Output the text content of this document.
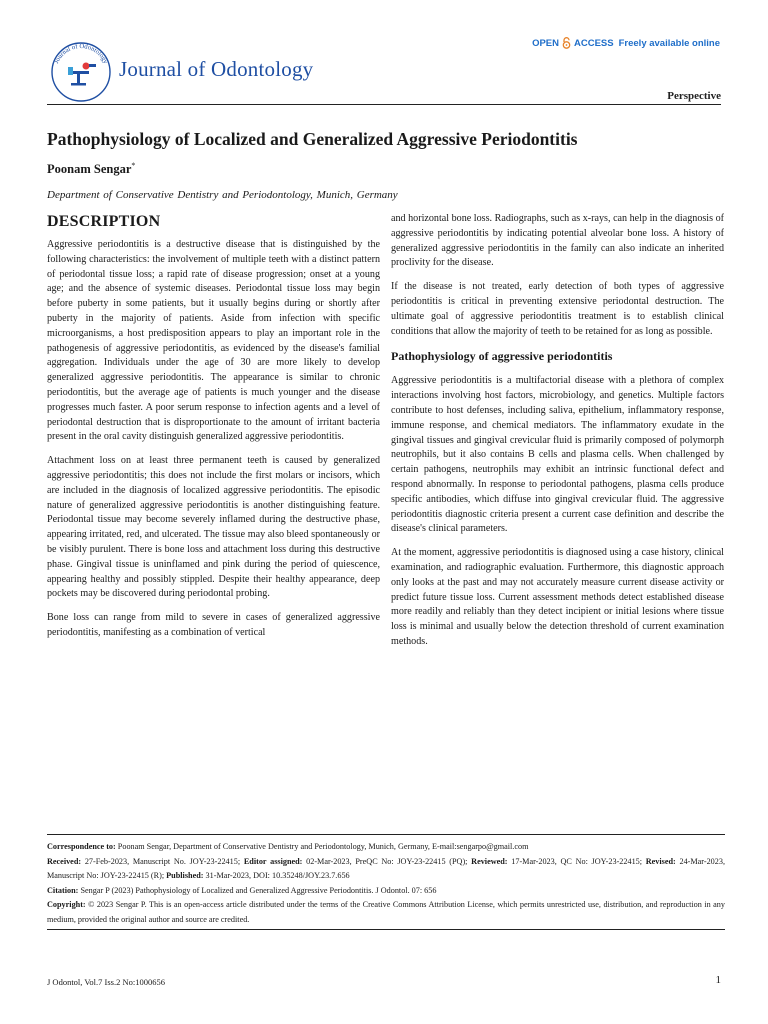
Journal of Odontology Journal of Odontology
OPEN ACCESS Freely available online
Perspective
Pathophysiology of Localized and Generalized Aggressive Periodontitis
Poonam Sengar*
Department of Conservative Dentistry and Periodontology, Munich, Germany
DESCRIPTION

Aggressive periodontitis is a destructive disease that is distinguished by the following characteristics: the involvement of multiple teeth with a distinct pattern of periodontal tissue loss; a rapid rate of disease progression; onset at a young age; and the absence of systemic diseases. Periodontal tissue loss may begin before puberty in some patients, but it usually begins during or shortly after puberty in the majority of patients. Aside from infection with specific microorganisms, a host predisposition appears to play an important role in the pathogenesis of aggressive periodontitis, as evidenced by the disease's familial aggregation. Individuals under the age of 30 are more likely to develop generalized aggressive periodontitis. The appearance is similar to chronic periodontitis, but the average age of patients is much younger and the disease progresses much faster. A poor serum response to infection agents and a level of periodontal destruction that is disproportionate to the amount of irritant bacteria present in the oral cavity distinguish generalized aggressive periodontitis.

Attachment loss on at least three permanent teeth is caused by generalized aggressive periodontitis; this does not include the first molars or incisors, which are included in the diagnosis of localized aggressive periodontitis. The episodic nature of generalized aggressive periodontitis is another distinguishing feature. Periodontal tissue may become severely inflamed during the destructive phase, appearing irritated, red, and ulcerated. The tissue may also bleed spontaneously or be visibly purulent. There is bone loss and attachment loss during this destructive phase. Gingival tissue is uninflamed and pink during the period of quiescence, appearing healthy and possibly stippled. Despite their healthy appearance, deep pockets may be discovered during periodontal probing.

Bone loss can range from mild to severe in cases of generalized aggressive periodontitis, manifesting as a combination of vertical

and horizontal bone loss. Radiographs, such as x-rays, can help in the diagnosis of aggressive periodontitis by indicating potential alveolar bone loss. A history of generalized aggressive periodontitis in the family can also indicate an inherited proclivity for the disease.

If the disease is not treated, early detection of both types of aggressive periodontitis is critical in preventing extensive periodontal destruction. The ultimate goal of aggressive periodontitis treatment is to establish clinical conditions that allow the majority of teeth to be retained for as long as possible.

Pathophysiology of aggressive periodontitis

Aggressive periodontitis is a multifactorial disease with a plethora of complex interactions involving host factors, microbiology, and genetics. Multiple factors contribute to host defenses, including saliva, epithelium, inflammatory response, immune response, and chemical mediators. The inflammatory exudate in the gingival tissues and gingival crevicular fluid is primarily composed of polymorph neutrophils, but it also contains B cells and plasma cells. When challenged by certain pathogens, neutrophils may exhibit an intrinsic functional defect and respond abnormally. In response to periodontal pathogens, plasma cells produce specific antibodies, which diffuse into gingival crevicular fluid. The aggressive periodontitis diagnostic criteria present a current case definition and describe the disease's clinical parameters.

At the moment, aggressive periodontitis is diagnosed using a case history, clinical examination, and radiographic evaluation. Furthermore, this diagnostic approach only looks at the past and may not accurately measure current disease activity or predict future tissue loss. Current assessment methods detect established disease more readily and reliably than they detect incipient or initial lesions where tissue loss is minimal and usually below the detection threshold of current examination methods.

Correspondence to: Poonam Sengar, Department of Conservative Dentistry and Periodontology, Munich, Germany, E-mail:sengarpo@gmail.com

Received: 27-Feb-2023, Manuscript No. JOY-23-22415; Editor assigned: 02-Mar-2023, PreQC No: JOY-23-22415 (PQ); Reviewed: 17-Mar-2023, QC No: JOY-23-22415; Revised: 24-Mar-2023, Manuscript No: JOY-23-22415 (R); Published: 31-Mar-2023, DOI: 10.35248/JOY.23.7.656

Citation: Sengar P (2023) Pathophysiology of Localized and Generalized Aggressive Periodontitis. J Odontol. 07: 656

Copyright: © 2023 Sengar P. This is an open-access article distributed under the terms of the Creative Commons Attribution License, which permits unrestricted use, distribution, and reproduction in any medium, provided the original author and source are credited.

J Odontol, Vol.7 Iss.2 No:1000656	1
